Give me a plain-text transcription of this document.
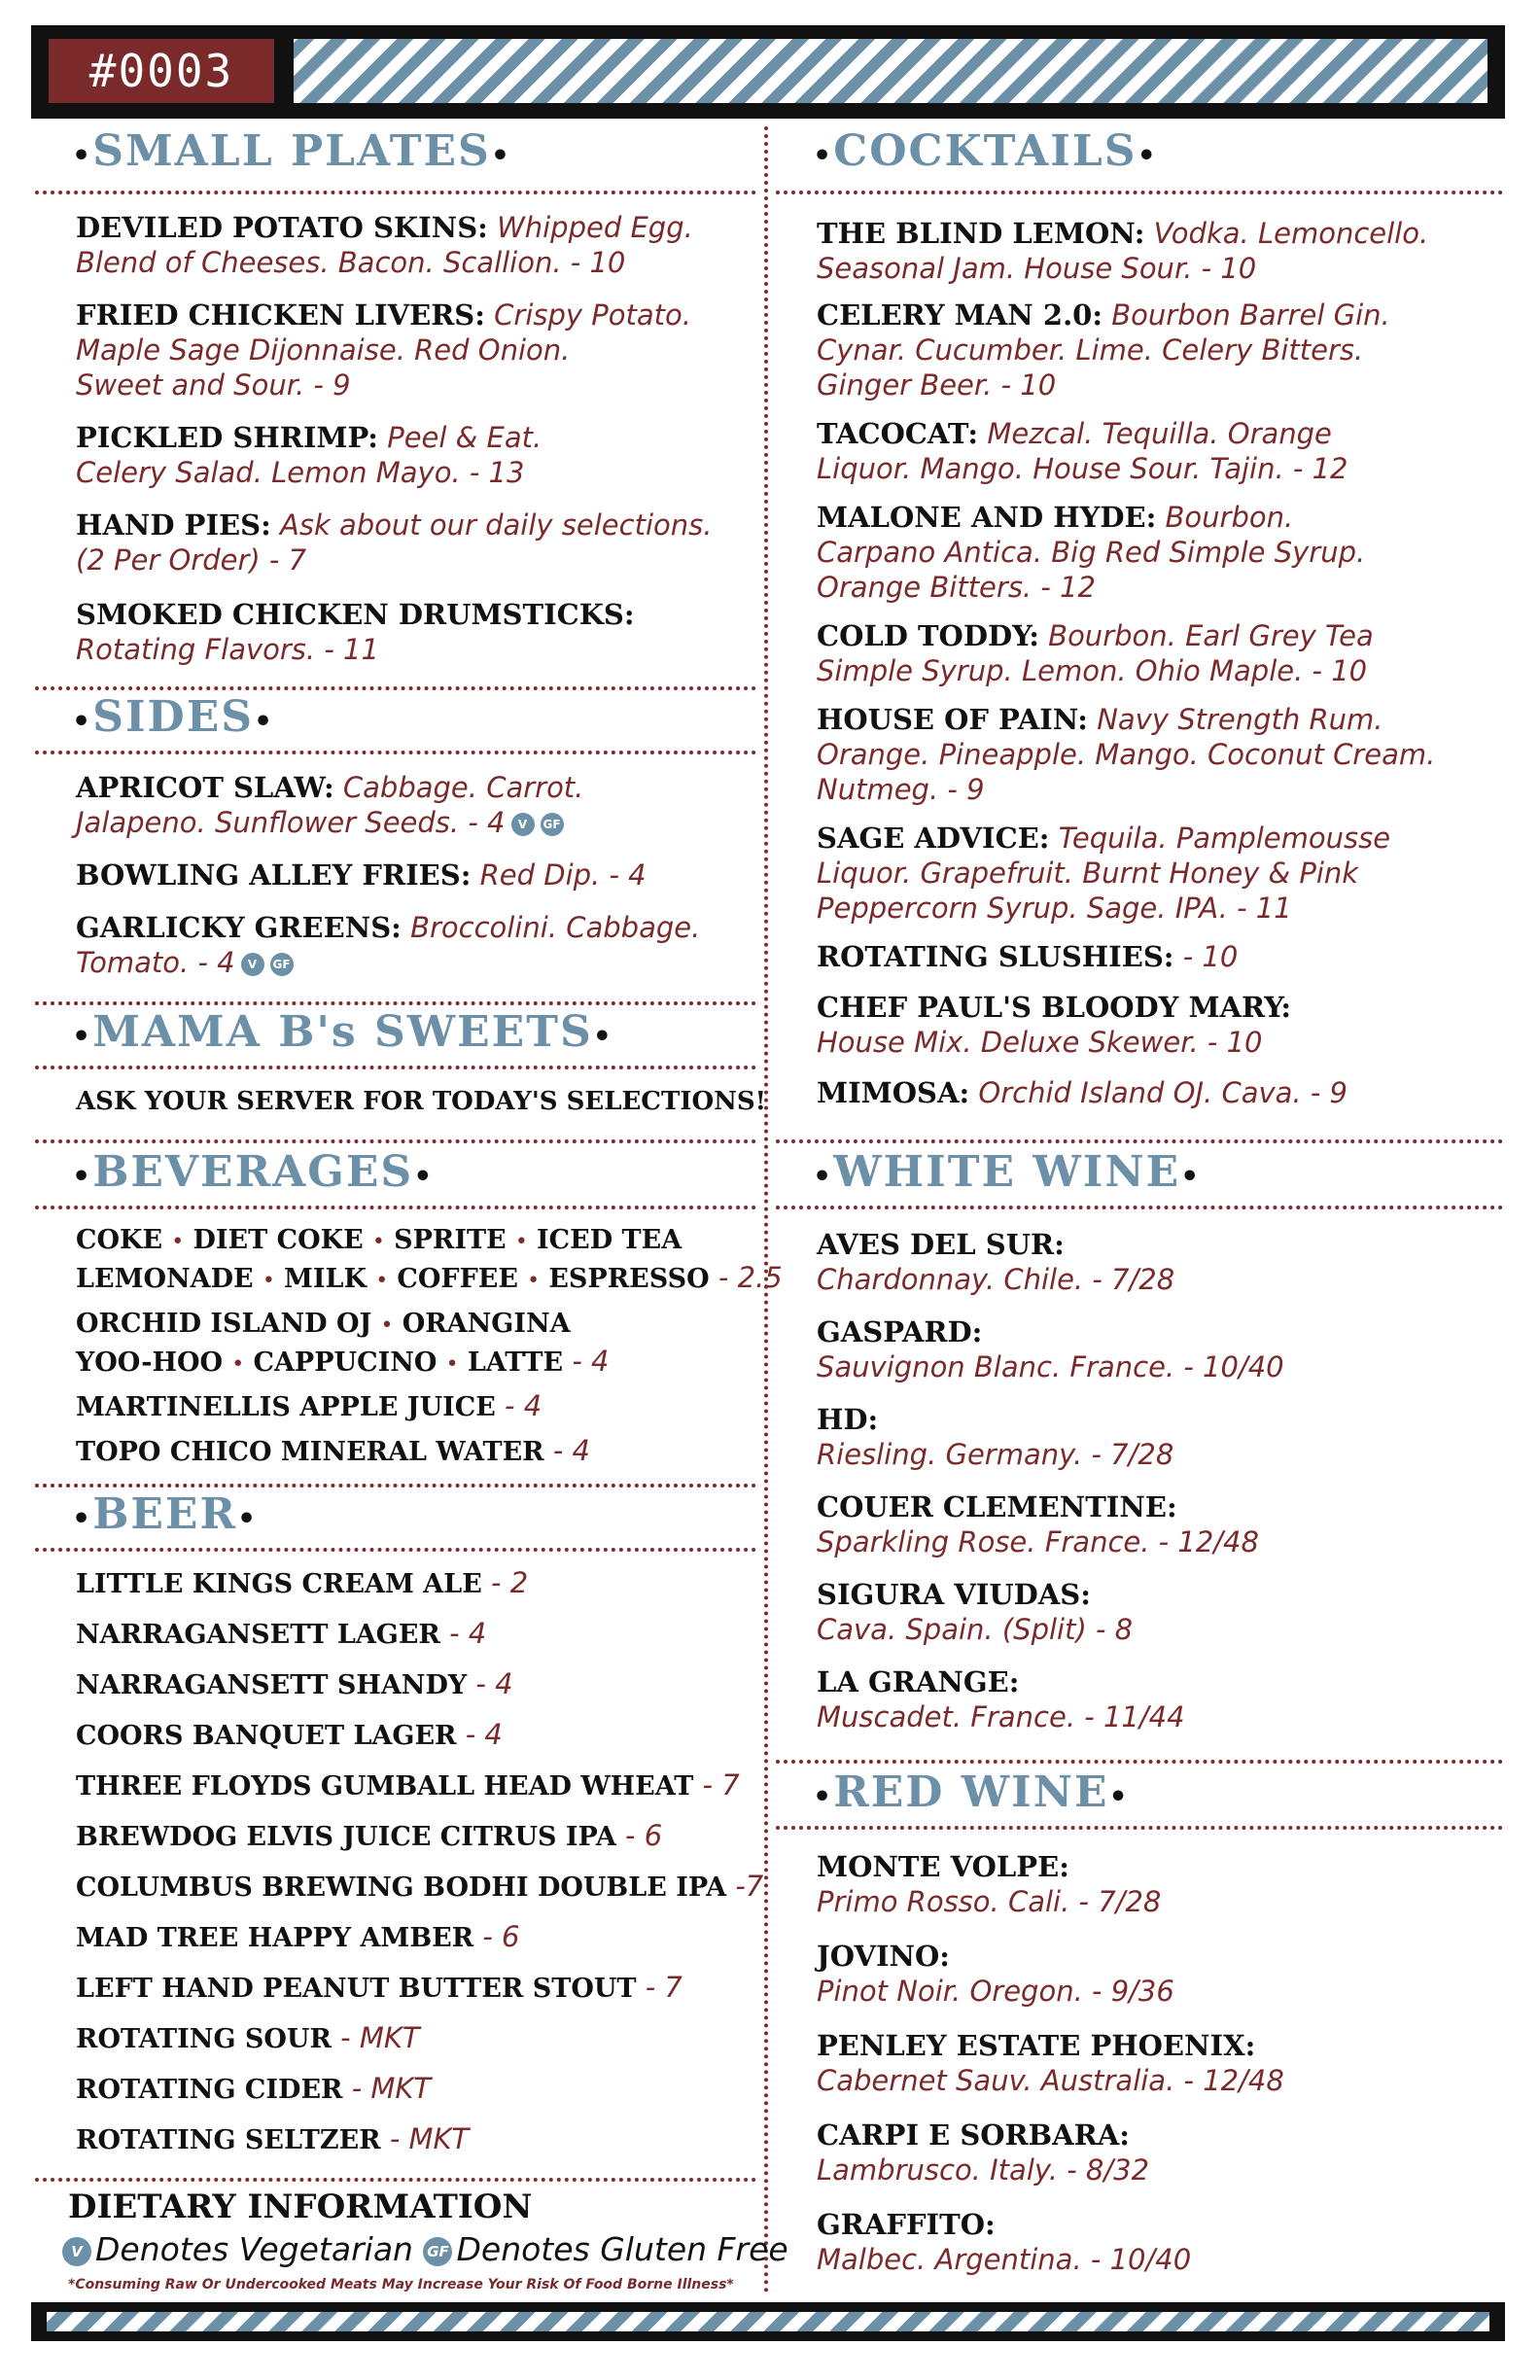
#0003
•SMALL PLATES•
DEVILED POTATO SKINS: Whipped Egg.
Blend of Cheeses. Bacon. Scallion. - 10
FRIED CHICKEN LIVERS: Crispy Potato.
Maple Sage Dijonnaise. Red Onion.
Sweet and Sour. - 9
PICKLED SHRIMP: Peel & Eat.
Celery Salad. Lemon Mayo. - 13
HAND PIES: Ask about our daily selections.
(2 Per Order) - 7
SMOKED CHICKEN DRUMSTICKS:
Rotating Flavors. - 11
•SIDES•
APRICOT SLAW: Cabbage. Carrot.
Jalapeno. Sunflower Seeds. - 4 V GF
BOWLING ALLEY FRIES: Red Dip. - 4
GARLICKY GREENS: Broccolini. Cabbage.
Tomato. - 4 V GF
•MAMA B's SWEETS•
ASK YOUR SERVER FOR TODAY'S SELECTIONS!
•BEVERAGES•
COKE • DIET COKE • SPRITE • ICED TEA
LEMONADE • MILK • COFFEE • ESPRESSO - 2.5
ORCHID ISLAND OJ • ORANGINA
YOO-HOO • CAPPUCINO • LATTE - 4
MARTINELLIS APPLE JUICE - 4
TOPO CHICO MINERAL WATER - 4
•BEER•
LITTLE KINGS CREAM ALE - 2
NARRAGANSETT LAGER - 4
NARRAGANSETT SHANDY - 4
COORS BANQUET LAGER - 4
THREE FLOYDS GUMBALL HEAD WHEAT - 7
BREWDOG ELVIS JUICE CITRUS IPA - 6
COLUMBUS BREWING BODHI DOUBLE IPA -7
MAD TREE HAPPY AMBER - 6
LEFT HAND PEANUT BUTTER STOUT - 7
ROTATING SOUR - MKT
ROTATING CIDER - MKT
ROTATING SELTZER - MKT
DIETARY INFORMATION
V Denotes Vegetarian GF Denotes Gluten Free
*Consuming Raw Or Undercooked Meats May Increase Your Risk Of Food Borne Illness*
•COCKTAILS•
THE BLIND LEMON: Vodka. Lemoncello.
Seasonal Jam. House Sour. - 10
CELERY MAN 2.0: Bourbon Barrel Gin.
Cynar. Cucumber. Lime. Celery Bitters.
Ginger Beer. - 10
TACOCAT: Mezcal. Tequilla. Orange
Liquor. Mango. House Sour. Tajin. - 12
MALONE AND HYDE: Bourbon.
Carpano Antica. Big Red Simple Syrup.
Orange Bitters. - 12
COLD TODDY: Bourbon. Earl Grey Tea
Simple Syrup. Lemon. Ohio Maple. - 10
HOUSE OF PAIN: Navy Strength Rum.
Orange. Pineapple. Mango. Coconut Cream.
Nutmeg. - 9
SAGE ADVICE: Tequila. Pamplemousse
Liquor. Grapefruit. Burnt Honey & Pink
Peppercorn Syrup. Sage. IPA. - 11
ROTATING SLUSHIES: - 10
CHEF PAUL'S BLOODY MARY:
House Mix. Deluxe Skewer. - 10
MIMOSA: Orchid Island OJ. Cava. - 9
•WHITE WINE•
AVES DEL SUR:
Chardonnay. Chile. - 7/28
GASPARD:
Sauvignon Blanc. France. - 10/40
HD:
Riesling. Germany. - 7/28
COUER CLEMENTINE:
Sparkling Rose. France. - 12/48
SIGURA VIUDAS:
Cava. Spain. (Split) - 8
LA GRANGE:
Muscadet. France. - 11/44
•RED WINE•
MONTE VOLPE:
Primo Rosso. Cali. - 7/28
JOVINO:
Pinot Noir. Oregon. - 9/36
PENLEY ESTATE PHOENIX:
Cabernet Sauv. Australia. - 12/48
CARPI E SORBARA:
Lambrusco. Italy. - 8/32
GRAFFITO:
Malbec. Argentina. - 10/40
